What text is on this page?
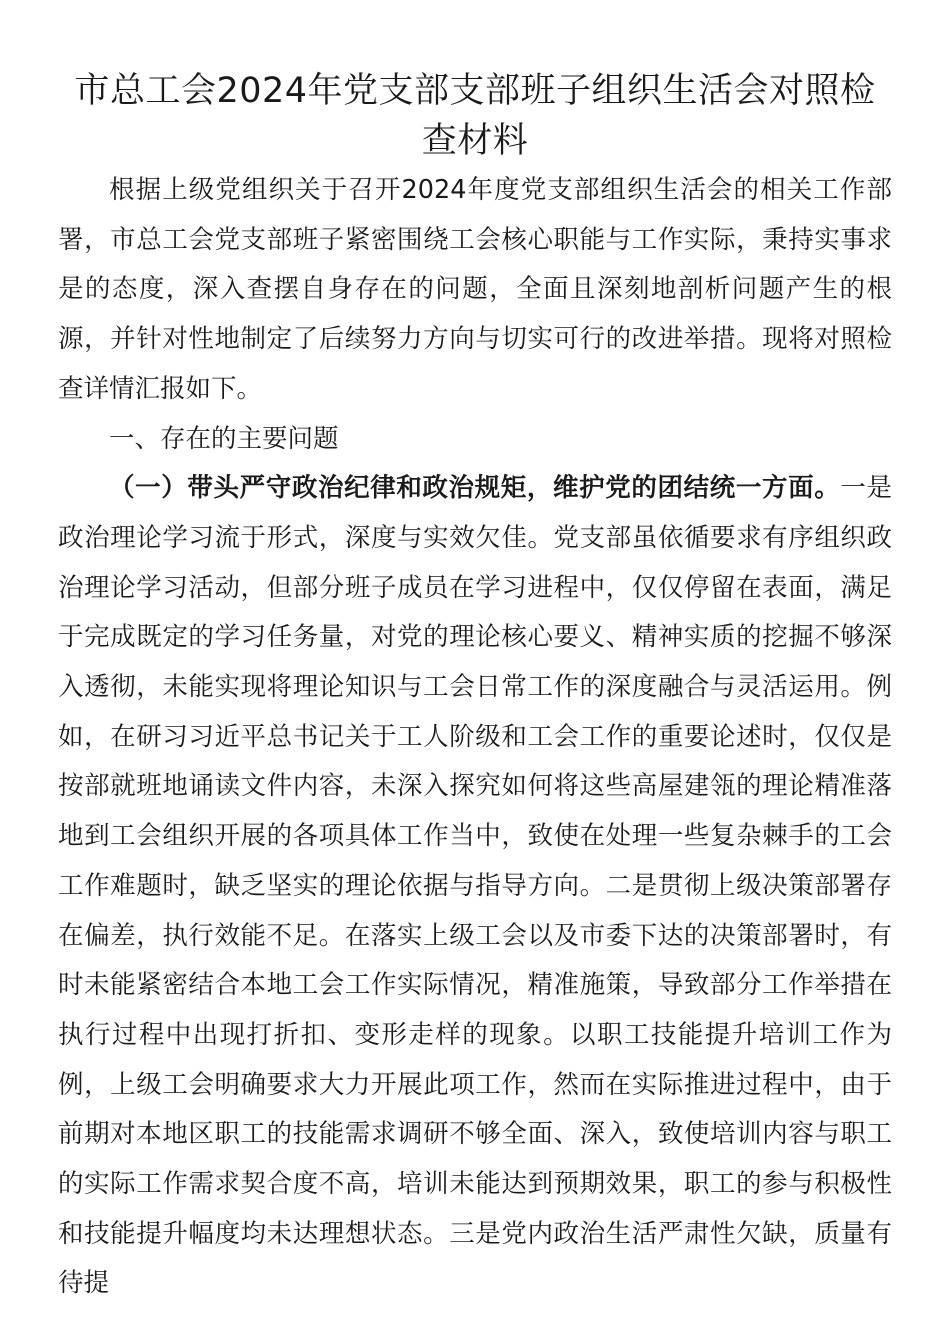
市总工会2024年党支部支部班子组织生活会对照检查材料

根据上级党组织关于召开2024年度党支部组织生活会的相关工作部署，市总工会党支部班子紧密围绕工会核心职能与工作实际，秉持实事求是的态度，深入查摆自身存在的问题，全面且深刻地剖析问题产生的根源，并针对性地制定了后续努力方向与切实可行的改进举措。现将对照检查详情汇报如下。

一、存在的主要问题

（一）带头严守政治纪律和政治规矩，维护党的团结统一方面。一是政治理论学习流于形式，深度与实效欠佳。党支部虽依循要求有序组织政治理论学习活动，但部分班子成员在学习进程中，仅仅停留在表面，满足于完成既定的学习任务量，对党的理论核心要义、精神实质的挖掘不够深入透彻，未能实现将理论知识与工会日常工作的深度融合与灵活运用。例如，在研习习近平总书记关于工人阶级和工会工作的重要论述时，仅仅是按部就班地诵读文件内容，未深入探究如何将这些高屋建瓴的理论精准落地到工会组织开展的各项具体工作当中，致使在处理一些复杂棘手的工会工作难题时，缺乏坚实的理论依据与指导方向。二是贯彻上级决策部署存在偏差，执行效能不足。在落实上级工会以及市委下达的决策部署时，有时未能紧密结合本地工会工作实际情况，精准施策，导致部分工作举措在执行过程中出现打折扣、变形走样的现象。以职工技能提升培训工作为例，上级工会明确要求大力开展此项工作，然而在实际推进过程中，由于前期对本地区职工的技能需求调研不够全面、深入，致使培训内容与职工的实际工作需求契合度不高，培训未能达到预期效果，职工的参与积极性和技能提升幅度均未达理想状态。三是党内政治生活严肃性欠缺，质量有待提
